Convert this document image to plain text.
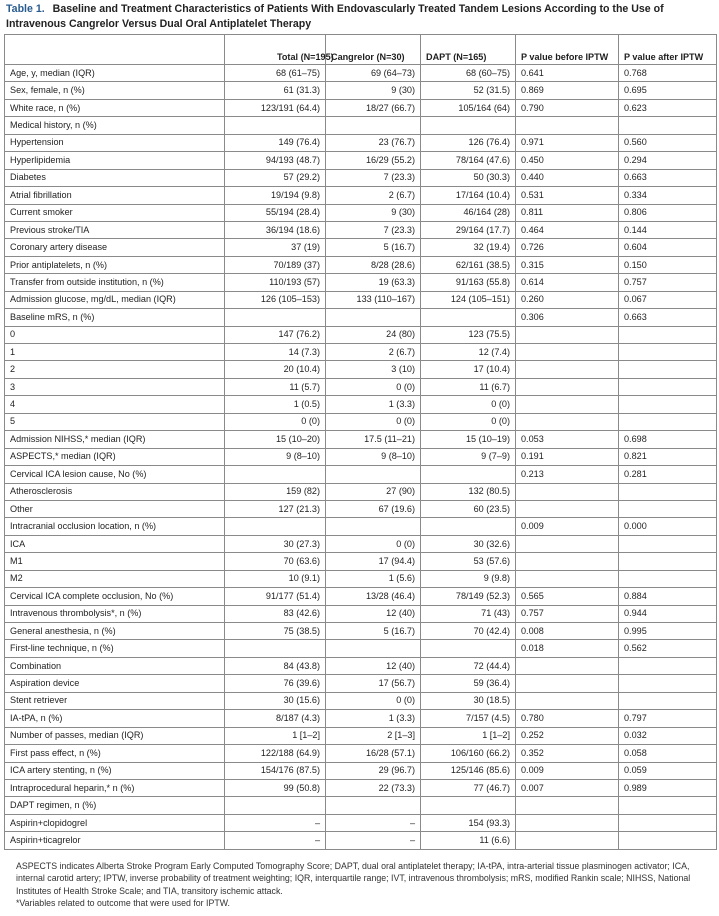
Table 1. Baseline and Treatment Characteristics of Patients With Endovascularly Treated Tandem Lesions According to the Use of Intravenous Cangrelor Versus Dual Oral Antiplatelet Therapy
	Total (N=195)	Cangrelor (N=30)	DAPT (N=165)	P value before IPTW	P value after IPTW
Age, y, median (IQR)	68 (61–75)	69 (64–73)	68 (60–75)	0.641	0.768
Sex, female, n (%)	61 (31.3)	9 (30)	52 (31.5)	0.869	0.695
White race, n (%)	123/191 (64.4)	18/27 (66.7)	105/164 (64)	0.790	0.623
Medical history, n (%)					
Hypertension	149 (76.4)	23 (76.7)	126 (76.4)	0.971	0.560
Hyperlipidemia	94/193 (48.7)	16/29 (55.2)	78/164 (47.6)	0.450	0.294
Diabetes	57 (29.2)	7 (23.3)	50 (30.3)	0.440	0.663
Atrial fibrillation	19/194 (9.8)	2 (6.7)	17/164 (10.4)	0.531	0.334
Current smoker	55/194 (28.4)	9 (30)	46/164 (28)	0.811	0.806
Previous stroke/TIA	36/194 (18.6)	7 (23.3)	29/164 (17.7)	0.464	0.144
Coronary artery disease	37 (19)	5 (16.7)	32 (19.4)	0.726	0.604
Prior antiplatelets, n (%)	70/189 (37)	8/28 (28.6)	62/161 (38.5)	0.315	0.150
Transfer from outside institution, n (%)	110/193 (57)	19 (63.3)	91/163 (55.8)	0.614	0.757
Admission glucose, mg/dL, median (IQR)	126 (105–153)	133 (110–167)	124 (105–151)	0.260	0.067
Baseline mRS, n (%)				0.306	0.663
0	147 (76.2)	24 (80)	123 (75.5)		
1	14 (7.3)	2 (6.7)	12 (7.4)		
2	20 (10.4)	3 (10)	17 (10.4)		
3	11 (5.7)	0 (0)	11 (6.7)		
4	1 (0.5)	1 (3.3)	0 (0)		
5	0 (0)	0 (0)	0 (0)		
Admission NIHSS,* median (IQR)	15 (10–20)	17.5 (11–21)	15 (10–19)	0.053	0.698
ASPECTS,* median (IQR)	9 (8–10)	9 (8–10)	9 (7–9)	0.191	0.821
Cervical ICA lesion cause, No (%)				0.213	0.281
Atherosclerosis	159 (82)	27 (90)	132 (80.5)		
Other	127 (21.3)	67 (19.6)	60 (23.5)		
Intracranial occlusion location, n (%)				0.009	0.000
ICA	30 (27.3)	0 (0)	30 (32.6)		
M1	70 (63.6)	17 (94.4)	53 (57.6)		
M2	10 (9.1)	1 (5.6)	9 (9.8)		
Cervical ICA complete occlusion, No (%)	91/177 (51.4)	13/28 (46.4)	78/149 (52.3)	0.565	0.884
Intravenous thrombolysis*, n (%)	83 (42.6)	12 (40)	71 (43)	0.757	0.944
General anesthesia, n (%)	75 (38.5)	5 (16.7)	70 (42.4)	0.008	0.995
First-line technique, n (%)				0.018	0.562
Combination	84 (43.8)	12 (40)	72 (44.4)		
Aspiration device	76 (39.6)	17 (56.7)	59 (36.4)		
Stent retriever	30 (15.6)	0 (0)	30 (18.5)		
IA-tPA, n (%)	8/187 (4.3)	1 (3.3)	7/157 (4.5)	0.780	0.797
Number of passes, median (IQR)	1 [1–2]	2 [1–3]	1 [1–2]	0.252	0.032
First pass effect, n (%)	122/188 (64.9)	16/28 (57.1)	106/160 (66.2)	0.352	0.058
ICA artery stenting, n (%)	154/176 (87.5)	29 (96.7)	125/146 (85.6)	0.009	0.059
Intraprocedural heparin,* n (%)	99 (50.8)	22 (73.3)	77 (46.7)	0.007	0.989
DAPT regimen, n (%)					
Aspirin+clopidogrel	–	–	154 (93.3)		
Aspirin+ticagrelor	–	–	11 (6.6)		

ASPECTS indicates Alberta Stroke Program Early Computed Tomography Score; DAPT, dual oral antiplatelet therapy; IA-tPA, intra-arterial tissue plasminogen activator; ICA, internal carotid artery; IPTW, inverse probability of treatment weighting; IQR, interquartile range; IVT, intravenous thrombolysis; mRS, modified Rankin scale; NIHSS, National Institutes of Health Stroke Scale; and TIA, transitory ischemic attack.

*Variables related to outcome that were used for IPTW.
